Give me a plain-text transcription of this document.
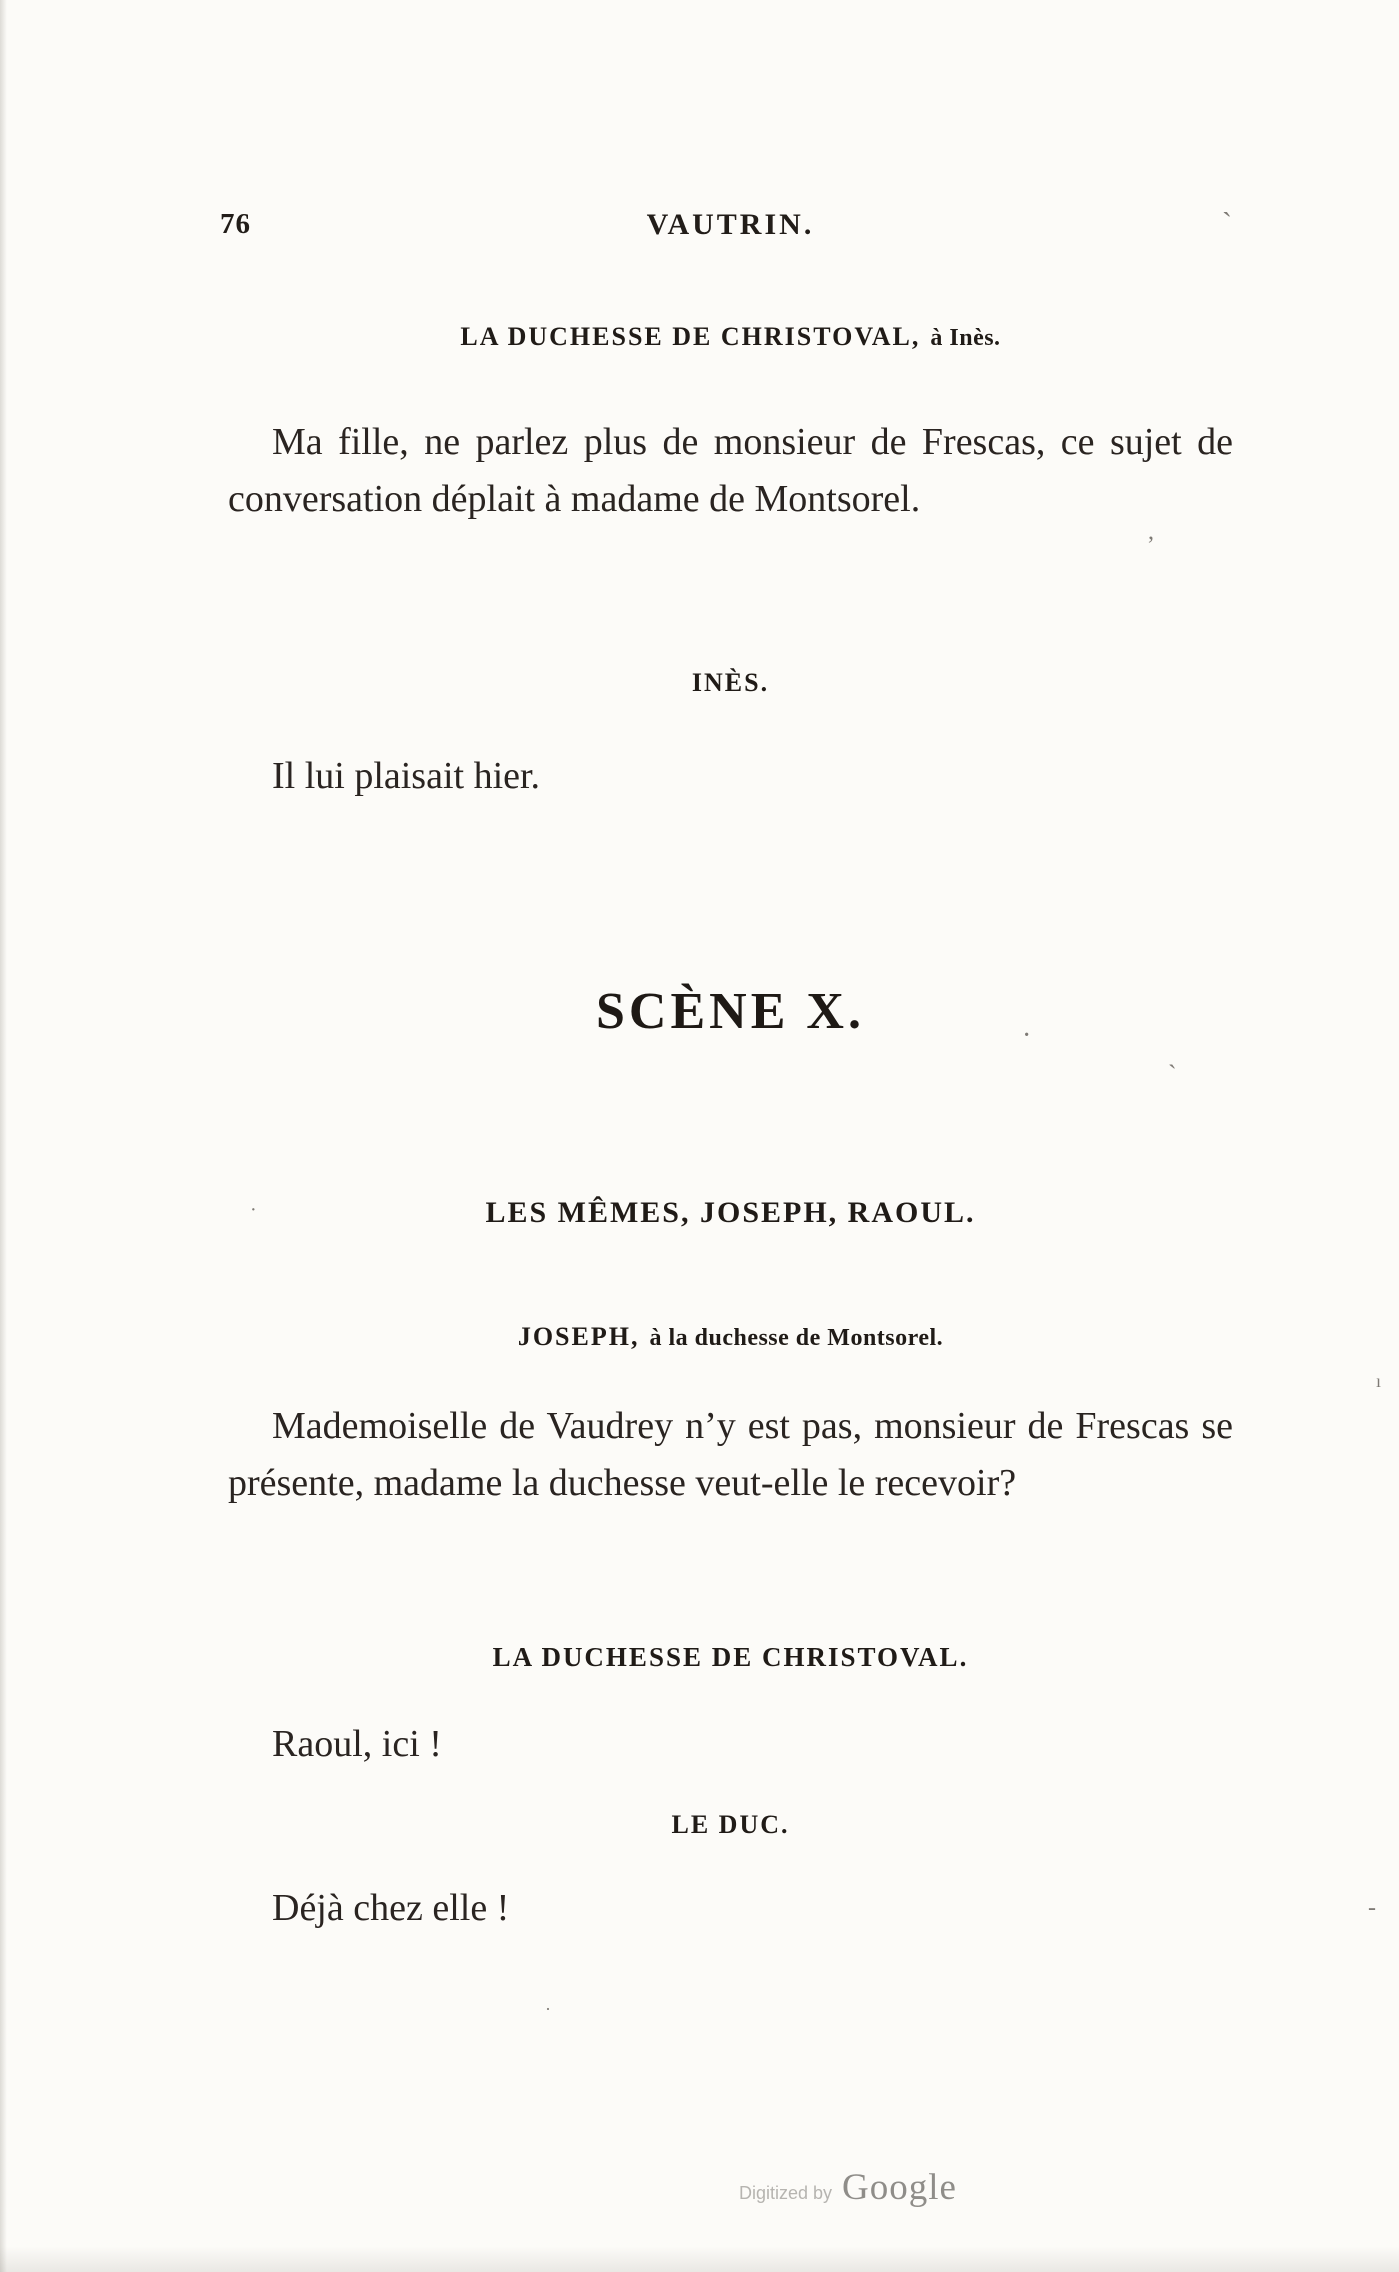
76	VAUTRIN.
LA DUCHESSE DE CHRISTOVAL, à Inès.

Ma fille, ne parlez plus de monsieur de Frescas, ce sujet de conversation déplait à madame de Montsorel.

INÈS.

Il lui plaisait hier.

SCÈNE X.
LES MÊMES, JOSEPH, RAOUL.
JOSEPH, à la duchesse de Montsorel.

Mademoiselle de Vaudrey n’y est pas, monsieur de Frescas se présente, madame la duchesse veut-elle le recevoir?

LA DUCHESSE DE CHRISTOVAL.

Raoul, ici !

LE DUC.

Déjà chez elle !

ˎ
·
ˋ
,
-
·
·
ı
Digitized by Google
